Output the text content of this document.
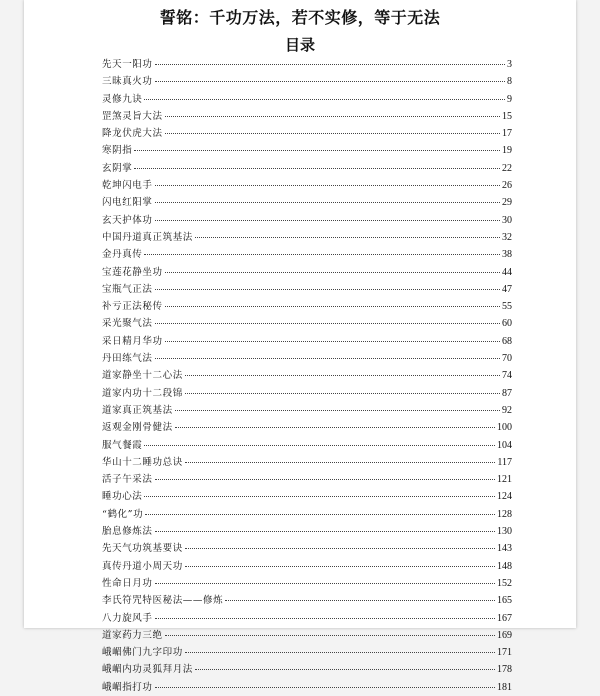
誓铭：千功万法，若不实修，等于无法
目录
先天一阳功	3
三昧真火功	8
灵修九诀	9
罡煞灵旨大法	15
降龙伏虎大法	17
寒阴指	19
玄阴掌	22
乾坤闪电手	26
闪电红阳掌	29
玄天护体功	30
中国丹道真正筑基法	32
金丹真传	38
宝莲花静坐功	44
宝瓶气正法	47
补亏正法秘传	55
采光聚气法	60
采日精月华功	68
丹田练气法	70
道家静坐十二心法	74
道家内功十二段锦	87
道家真正筑基法	92
返观金刚骨健法	100
服气餐霞	104
华山十二睡功总诀	117
活子午采法	121
睡功心法	124
“鹤化”功	128
胎息修炼法	130
先天气功筑基要诀	143
真传丹道小周天功	148
性命日月功	152
李氏符咒特医秘法——修炼	165
八力旋风手	167
道家药力三绝	169
峨嵋佛门九字印功	171
峨嵋内功灵狐拜月法	178
峨嵋指打功	181
